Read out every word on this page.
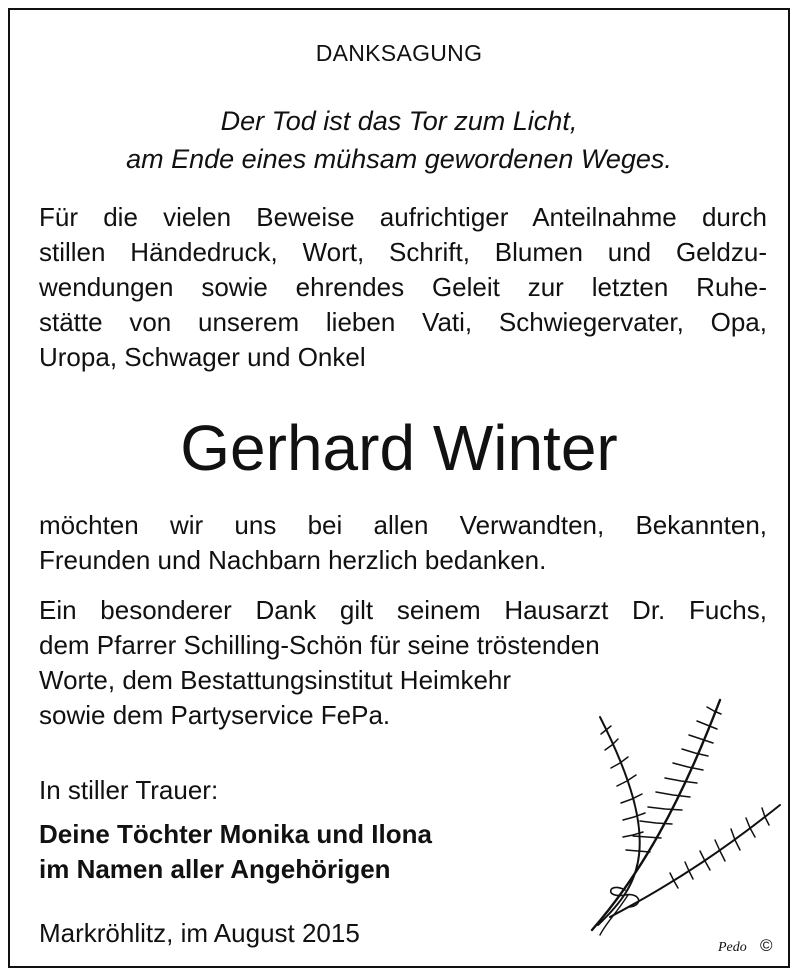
DANKSAGUNG
Der Tod ist das Tor zum Licht,
am Ende eines mühsam gewordenen Weges.
Für die vielen Beweise aufrichtiger Anteilnahme durch
stillen Händedruck, Wort, Schrift, Blumen und Geldzu-
wendungen sowie ehrendes Geleit zur letzten Ruhe-
stätte von unserem lieben Vati, Schwiegervater, Opa,
Uropa, Schwager und Onkel
Gerhard Winter
möchten wir uns bei allen Verwandten, Bekannten,
Freunden und Nachbarn herzlich bedanken.
Ein besonderer Dank gilt seinem Hausarzt Dr. Fuchs,
dem Pfarrer Schilling-Schön für seine tröstenden
Worte, dem Bestattungsinstitut Heimkehr
sowie dem Partyservice FePa.
In stiller Trauer:
Deine Töchter Monika und Ilona
im Namen aller Angehörigen
Markröhlitz, im August 2015	Pedo ©
